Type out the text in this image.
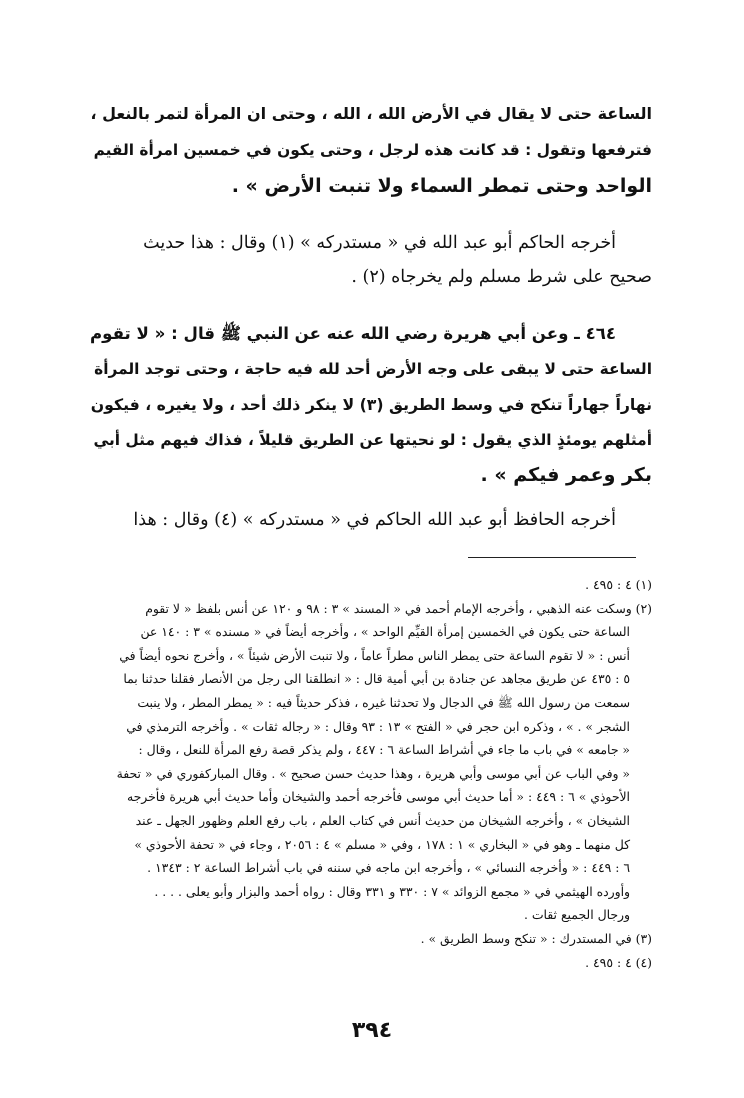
الساعة حتى لا يقال في الأرض الله ، الله ، وحتى ان المرأة لتمر بالنعل ،
فترفعها وتقول : قد كانت هذه لرجل ، وحتى يكون في خمسين امرأة القيم
الواحد وحتى تمطر السماء ولا تنبت الأرض » .
أخرجه الحاكم أبو عبد الله في « مستدركه » (١) وقال : هذا حديث
صحيح على شرط مسلم ولم يخرجاه (٢) .
٤٦٤ ـ وعن أبي هريرة رضي الله عنه عن النبي ﷺ قال : « لا تقوم
الساعة حتى لا يبقى على وجه الأرض أحد لله فيه حاجة ، وحتى توجد المرأة
نهاراً جهاراً تنكح في وسط الطريق (٣) لا ينكر ذلك أحد ، ولا يغيره ، فيكون
أمثلهم يومئذٍ الذي يقول : لو نحيتها عن الطريق قليلاً ، فذاك فيهم مثل أبي
بكر وعمر فيكم » .
أخرجه الحافظ أبو عبد الله الحاكم في « مستدركه » (٤) وقال : هذا
(١) ٤ : ٤٩٥ .
(٢) وسكت عنه الذهبي ، وأخرجه الإمام أحمد في « المسند » ٣ : ٩٨ و ١٢٠ عن أنس بلفظ « لا تقوم
الساعة حتى يكون في الخمسين إمرأة القيِّم الواحد » ، وأخرجه أيضاً في « مسنده » ٣ : ١٤٠ عن
أنس : « لا تقوم الساعة حتى يمطر الناس مطراً عاماً ، ولا تنبت الأرض شيئاً » ، وأخرج نحوه أيضاً في
٥ : ٤٣٥ عن طريق مجاهد عن جنادة بن أبي أمية قال : « انطلقنا الى رجل من الأنصار فقلنا حدثنا بما
سمعت من رسول الله ﷺ في الدجال ولا تحدثنا غيره ، فذكر حديثاً فيه : « يمطر المطر ، ولا ينبت
الشجر » . » ، وذكره ابن حجر في « الفتح » ١٣ : ٩٣ وقال : « رجاله ثقات » . وأخرجه الترمذي في
« جامعه » في باب ما جاء في أشراط الساعة ٦ : ٤٤٧ ، ولم يذكر قصة رفع المرأة للنعل ، وقال :
« وفي الباب عن أبي موسى وأبي هريرة ، وهذا حديث حسن صحيح » . وقال المباركفوري في « تحفة
الأحوذي » ٦ : ٤٤٩ : « أما حديث أبي موسى فأخرجه أحمد والشيخان وأما حديث أبي هريرة فأخرجه
الشيخان » ، وأخرجه الشيخان من حديث أنس في كتاب العلم ، باب رفع العلم وظهور الجهل ـ عند
كل منهما ـ وهو في « البخاري » ١ : ١٧٨ ، وفي « مسلم » ٤ : ٢٠٥٦ ، وجاء في « تحفة الأحوذي »
٦ : ٤٤٩ : « وأخرجه النسائي » ، وأخرجه ابن ماجه في سننه في باب أشراط الساعة ٢ : ١٣٤٣ .
وأورده الهيثمي في « مجمع الزوائد » ٧ : ٣٣٠ و ٣٣١ وقال : رواه أحمد والبزار وأبو يعلى . . . .
ورجال الجميع ثقات .
(٣) في المستدرك : « تنكح وسط الطريق » .
(٤) ٤ : ٤٩٥ .
٣٩٤
